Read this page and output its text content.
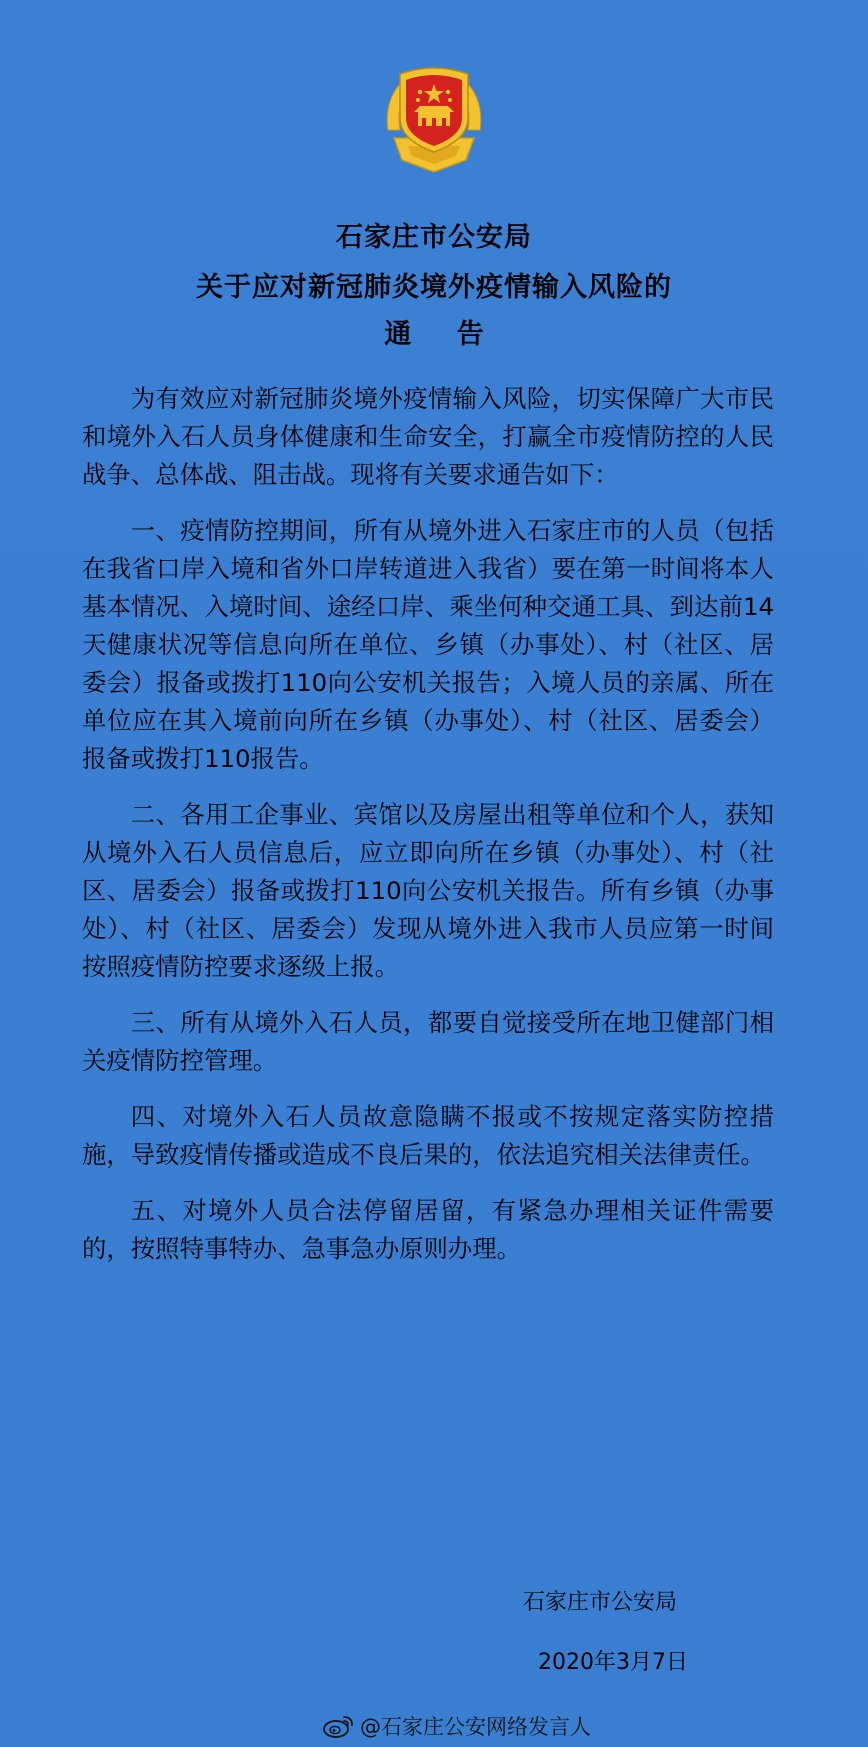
石家庄市公安局
关于应对新冠肺炎境外疫情输入风险的
通 告

为有效应对新冠肺炎境外疫情输入风险，切实保障广大市民和境外入石人员身体健康和生命安全，打赢全市疫情防控的人民战争、总体战、阻击战。现将有关要求通告如下：

一、疫情防控期间，所有从境外进入石家庄市的人员（包括在我省口岸入境和省外口岸转道进入我省）要在第一时间将本人基本情况、入境时间、途经口岸、乘坐何种交通工具、到达前14天健康状况等信息向所在单位、乡镇（办事处）、村（社区、居委会）报备或拨打110向公安机关报告；入境人员的亲属、所在单位应在其入境前向所在乡镇（办事处）、村（社区、居委会）报备或拨打110报告。

二、各用工企事业、宾馆以及房屋出租等单位和个人，获知从境外入石人员信息后，应立即向所在乡镇（办事处）、村（社区、居委会）报备或拨打110向公安机关报告。所有乡镇（办事处）、村（社区、居委会）发现从境外进入我市人员应第一时间按照疫情防控要求逐级上报。

三、所有从境外入石人员，都要自觉接受所在地卫健部门相关疫情防控管理。

四、对境外入石人员故意隐瞒不报或不按规定落实防控措施，导致疫情传播或造成不良后果的，依法追究相关法律责任。

五、对境外人员合法停留居留，有紧急办理相关证件需要的，按照特事特办、急事急办原则办理。

石家庄市公安局
2020年3月7日
@石家庄公安网络发言人
